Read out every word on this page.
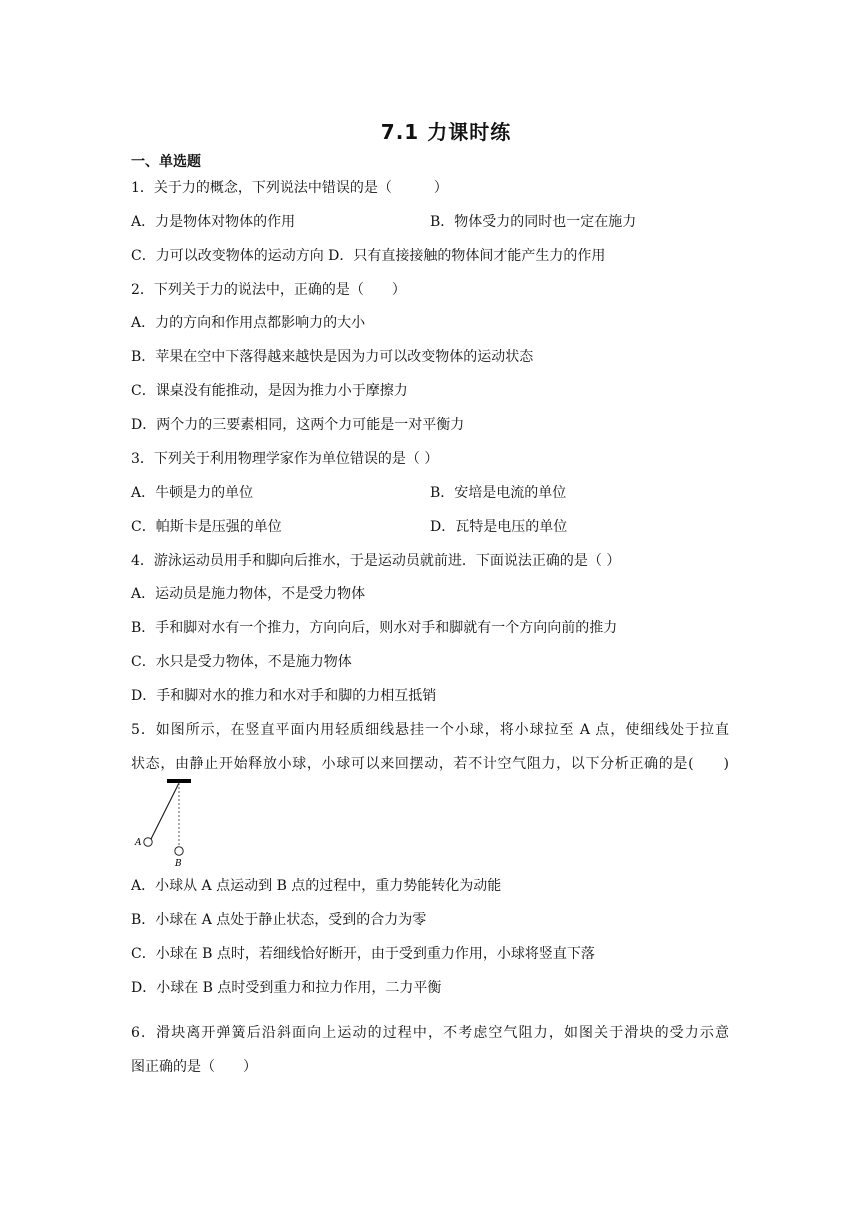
7.1 力课时练
一、单选题
1．关于力的概念，下列说法中错误的是（　　　）
A．力是物体对物体的作用	B．物体受力的同时也一定在施力
C．力可以改变物体的运动方向 D．只有直接接触的物体间才能产生力的作用
2．下列关于力的说法中，正确的是（　　）
A．力的方向和作用点都影响力的大小
B．苹果在空中下落得越来越快是因为力可以改变物体的运动状态
C．课桌没有能推动，是因为推力小于摩擦力
D．两个力的三要素相同，这两个力可能是一对平衡力
3．下列关于利用物理学家作为单位错误的是（ ）
A．牛顿是力的单位	B．安培是电流的单位
C．帕斯卡是压强的单位	D．瓦特是电压的单位
4．游泳运动员用手和脚向后推水，于是运动员就前进．下面说法正确的是（ ）
A．运动员是施力物体，不是受力物体
B．手和脚对水有一个推力，方向向后，则水对手和脚就有一个方向向前的推力
C．水只是受力物体，不是施力物体
D．手和脚对水的推力和水对手和脚的力相互抵销
5．如图所示，在竖直平面内用轻质细线悬挂一个小球，将小球拉至 A 点，使细线处于拉直
状态，由静止开始释放小球，小球可以来回摆动，若不计空气阻力，以下分析正确的是(　　)
A
B
A．小球从 A 点运动到 B 点的过程中，重力势能转化为动能
B．小球在 A 点处于静止状态，受到的合力为零
C．小球在 B 点时，若细线恰好断开，由于受到重力作用，小球将竖直下落
D．小球在 B 点时受到重力和拉力作用，二力平衡
6．滑块离开弹簧后沿斜面向上运动的过程中，不考虑空气阻力，如图关于滑块的受力示意
图正确的是（　　）
